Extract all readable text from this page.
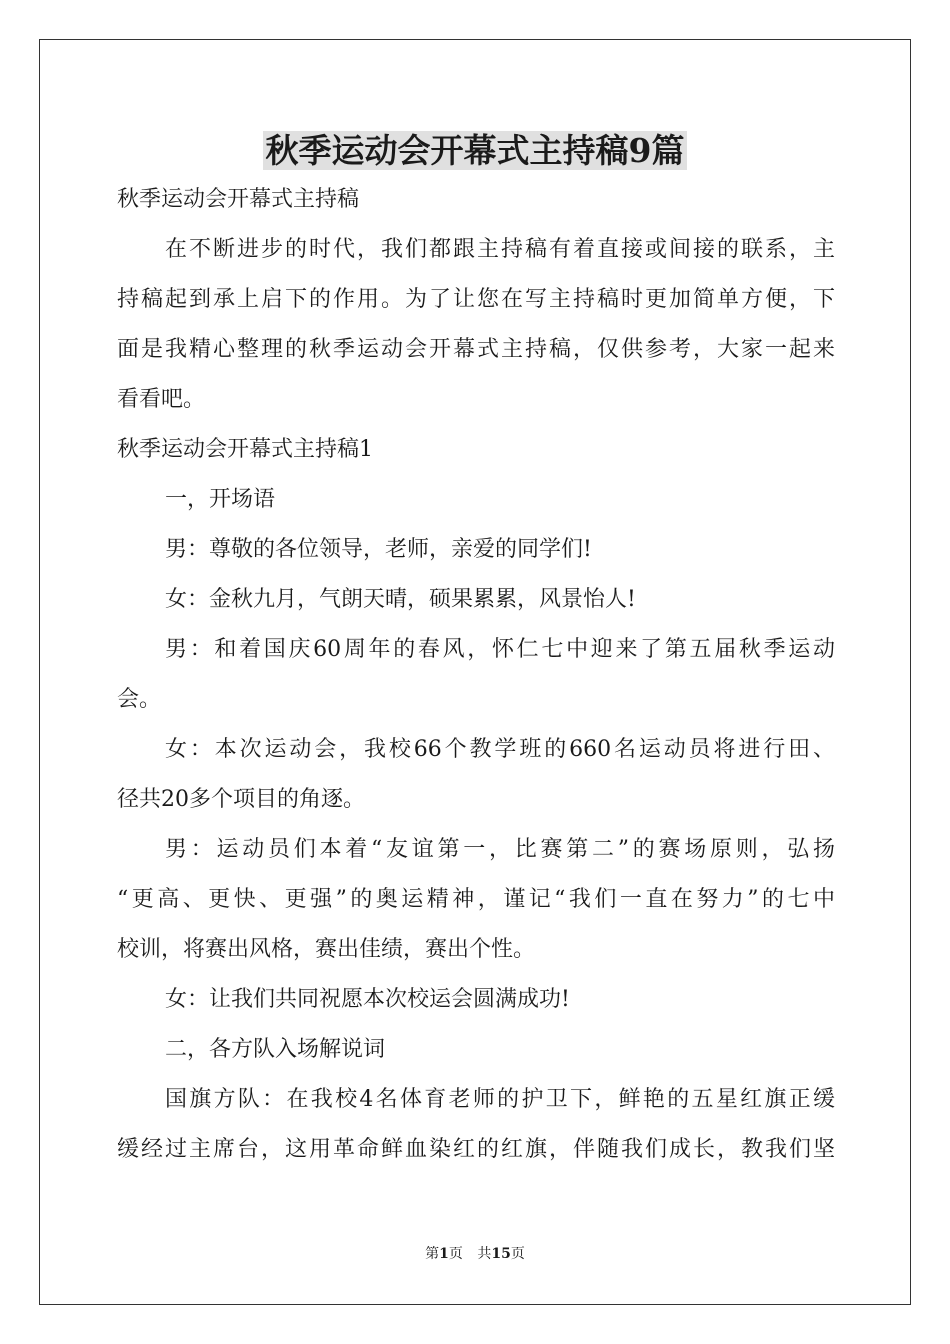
秋季运动会开幕式主持稿9篇

秋季运动会开幕式主持稿

在不断进步的时代，我们都跟主持稿有着直接或间接的联系，主

持稿起到承上启下的作用。为了让您在写主持稿时更加简单方便，下

面是我精心整理的秋季运动会开幕式主持稿，仅供参考，大家一起来

看看吧。

秋季运动会开幕式主持稿1

一，开场语

男：尊敬的各位领导，老师，亲爱的同学们!

女：金秋九月，气朗天晴，硕果累累，风景怡人!

男：和着国庆60周年的春风，怀仁七中迎来了第五届秋季运动

会。

女：本次运动会，我校66个教学班的660名运动员将进行田、

径共20多个项目的角逐。

男：运动员们本着“友谊第一，比赛第二”的赛场原则，弘扬

“更高、更快、更强”的奥运精神，谨记“我们一直在努力”的七中

校训，将赛出风格，赛出佳绩，赛出个性。

女：让我们共同祝愿本次校运会圆满成功!

二，各方队入场解说词

国旗方队：在我校4名体育老师的护卫下，鲜艳的五星红旗正缓

缓经过主席台，这用革命鲜血染红的红旗，伴随我们成长，教我们坚

第1页 共15页
